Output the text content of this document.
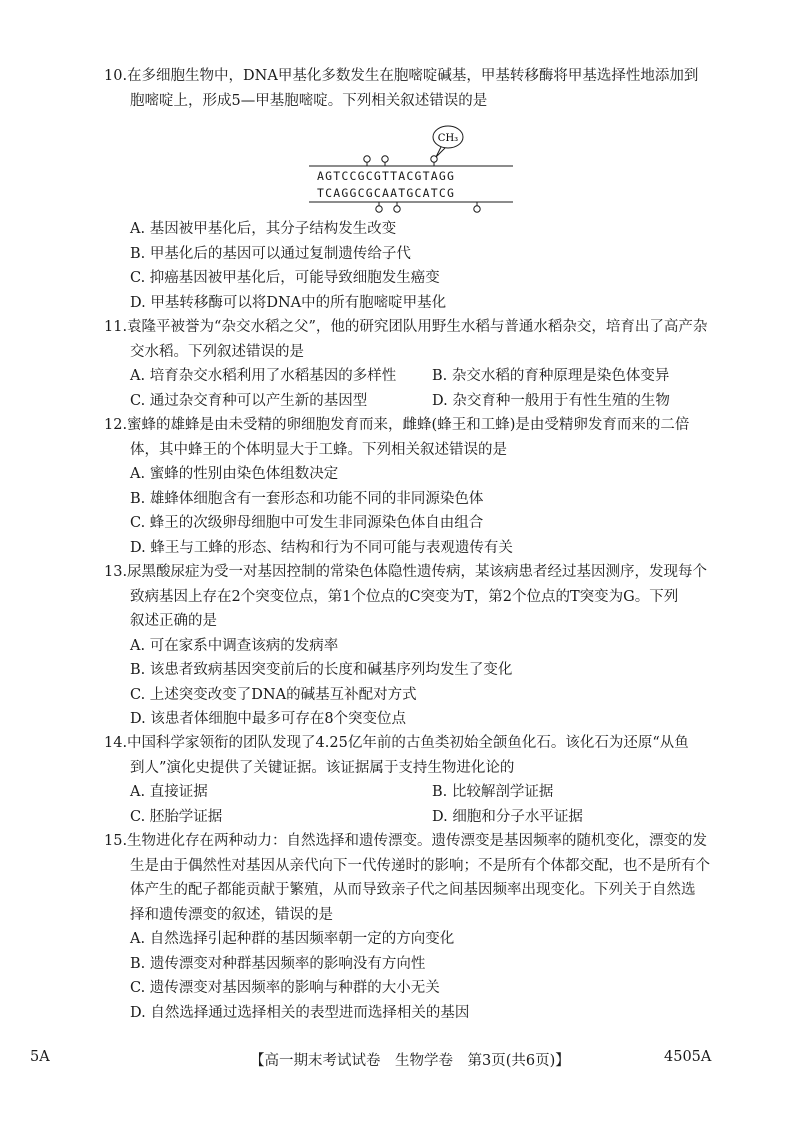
10.在多细胞生物中，DNA甲基化多数发生在胞嘧啶碱基，甲基转移酶将甲基选择性地添加到
胞嘧啶上，形成5—甲基胞嘧啶。下列相关叙述错误的是
CH₃
AGTCCGCGTTACGTAGG
TCAGGCGCAATGCATCG
A. 基因被甲基化后，其分子结构发生改变
B. 甲基化后的基因可以通过复制遗传给子代
C. 抑癌基因被甲基化后，可能导致细胞发生癌变
D. 甲基转移酶可以将DNA中的所有胞嘧啶甲基化
11.袁隆平被誉为“杂交水稻之父”，他的研究团队用野生水稻与普通水稻杂交，培育出了高产杂
交水稻。下列叙述错误的是
A. 培育杂交水稻利用了水稻基因的多样性	B. 杂交水稻的育种原理是染色体变异
C. 通过杂交育种可以产生新的基因型	D. 杂交育种一般用于有性生殖的生物
12.蜜蜂的雄蜂是由未受精的卵细胞发育而来，雌蜂(蜂王和工蜂)是由受精卵发育而来的二倍
体，其中蜂王的个体明显大于工蜂。下列相关叙述错误的是
A. 蜜蜂的性别由染色体组数决定
B. 雄蜂体细胞含有一套形态和功能不同的非同源染色体
C. 蜂王的次级卵母细胞中可发生非同源染色体自由组合
D. 蜂王与工蜂的形态、结构和行为不同可能与表观遗传有关
13.尿黑酸尿症为受一对基因控制的常染色体隐性遗传病，某该病患者经过基因测序，发现每个
致病基因上存在2个突变位点，第1个位点的C突变为T，第2个位点的T突变为G。下列
叙述正确的是
A. 可在家系中调查该病的发病率
B. 该患者致病基因突变前后的长度和碱基序列均发生了变化
C. 上述突变改变了DNA的碱基互补配对方式
D. 该患者体细胞中最多可存在8个突变位点
14.中国科学家领衔的团队发现了4.25亿年前的古鱼类初始全颌鱼化石。该化石为还原“从鱼
到人”演化史提供了关键证据。该证据属于支持生物进化论的
A. 直接证据	B. 比较解剖学证据
C. 胚胎学证据	D. 细胞和分子水平证据
15.生物进化存在两种动力：自然选择和遗传漂变。遗传漂变是基因频率的随机变化，漂变的发
生是由于偶然性对基因从亲代向下一代传递时的影响；不是所有个体都交配，也不是所有个
体产生的配子都能贡献于繁殖，从而导致亲子代之间基因频率出现变化。下列关于自然选
择和遗传漂变的叙述，错误的是
A. 自然选择引起种群的基因频率朝一定的方向变化
B. 遗传漂变对种群基因频率的影响没有方向性
C. 遗传漂变对基因频率的影响与种群的大小无关
D. 自然选择通过选择相关的表型进而选择相关的基因
5A	【高一期末考试试卷　生物学卷　第3页(共6页)】	4505A
